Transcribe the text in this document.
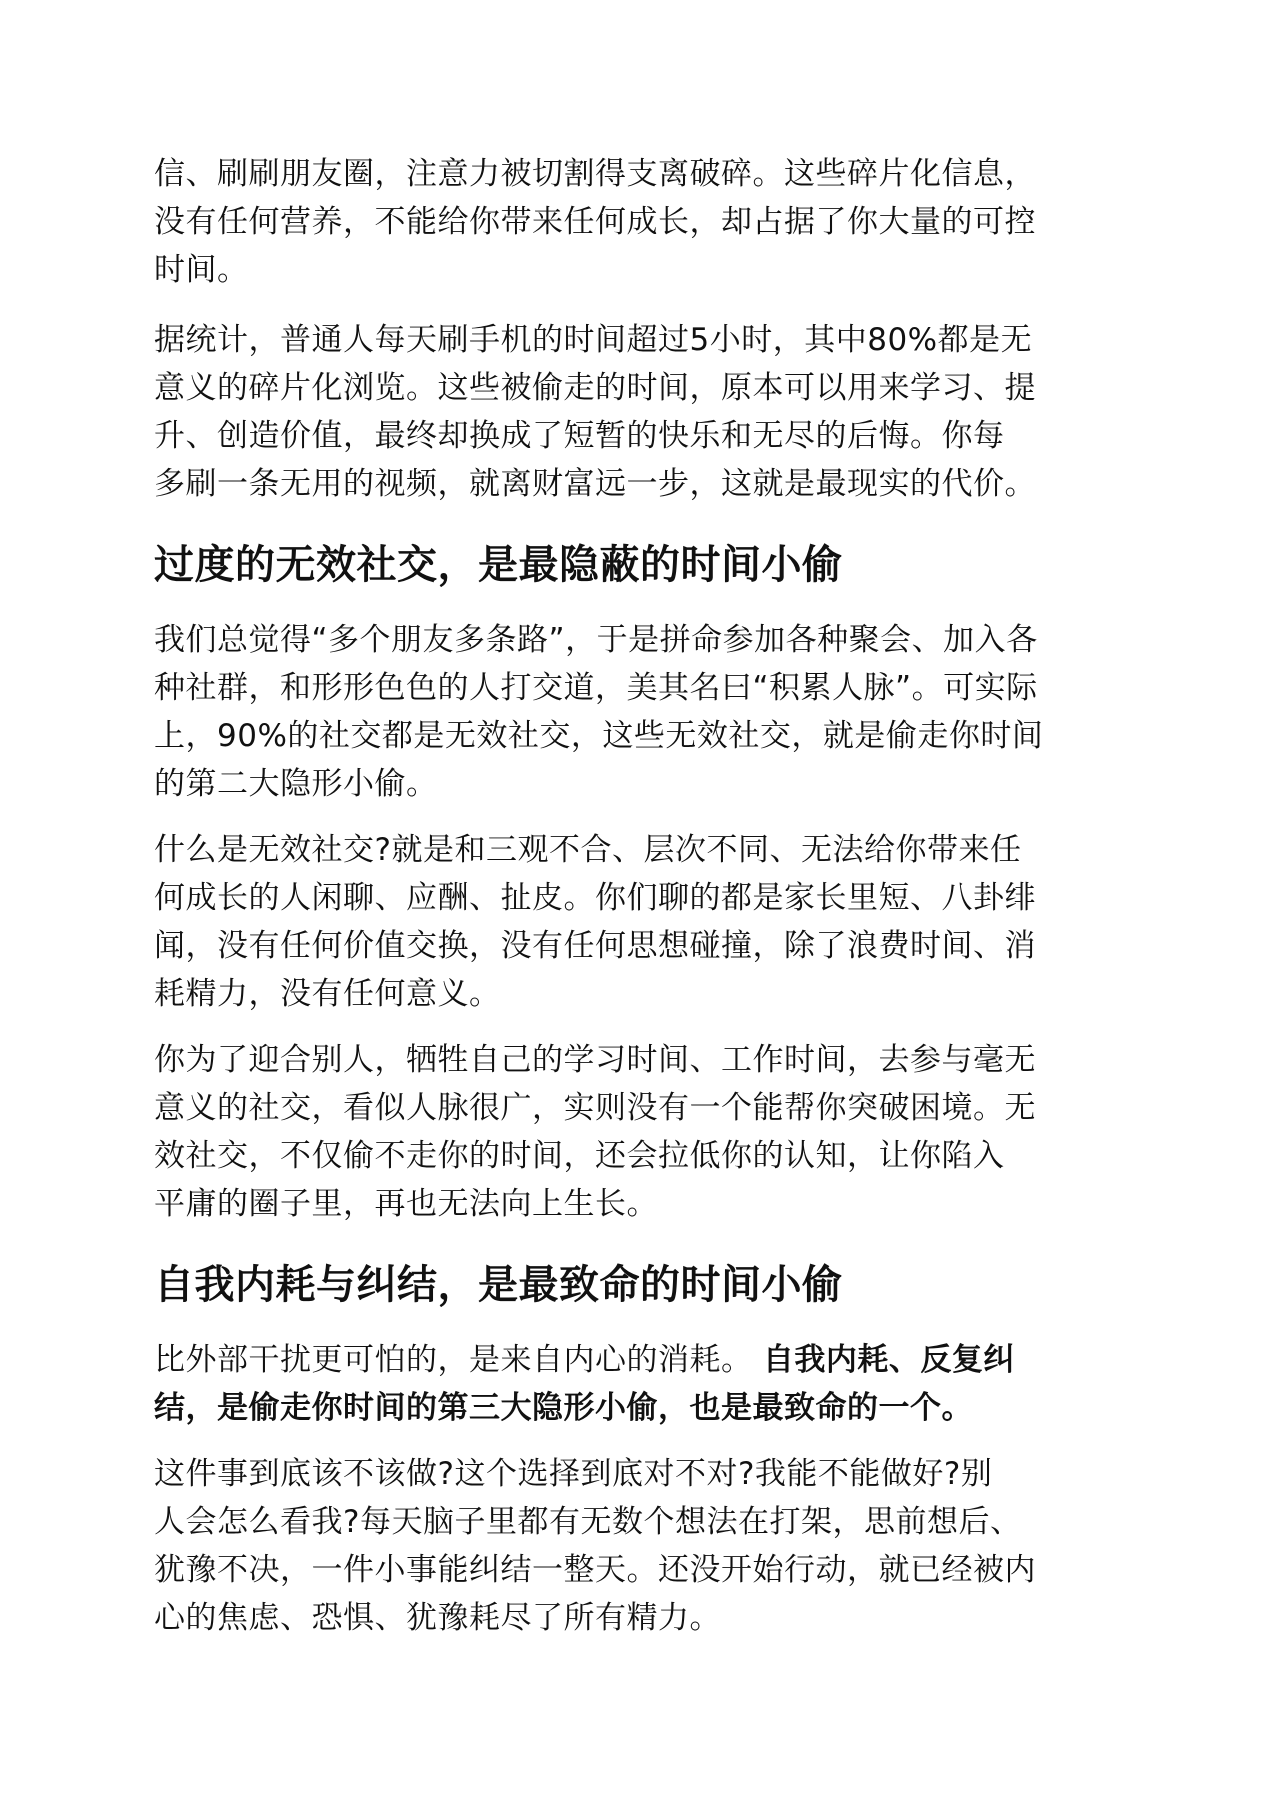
信、刷刷朋友圈，注意力被切割得支离破碎。这些碎片化信息，
没有任何营养，不能给你带来任何成长，却占据了你大量的可控
时间。

据统计，普通人每天刷手机的时间超过5小时，其中80%都是无
意义的碎片化浏览。这些被偷走的时间，原本可以用来学习、提
升、创造价值，最终却换成了短暂的快乐和无尽的后悔。你每
多刷一条无用的视频，就离财富远一步，这就是最现实的代价。

过度的无效社交，是最隐蔽的时间小偷

我们总觉得“多个朋友多条路”，于是拼命参加各种聚会、加入各
种社群，和形形色色的人打交道，美其名曰“积累人脉”。可实际
上，90%的社交都是无效社交，这些无效社交，就是偷走你时间
的第二大隐形小偷。

什么是无效社交?就是和三观不合、层次不同、无法给你带来任
何成长的人闲聊、应酬、扯皮。你们聊的都是家长里短、八卦绯
闻，没有任何价值交换，没有任何思想碰撞，除了浪费时间、消
耗精力，没有任何意义。

你为了迎合别人，牺牲自己的学习时间、工作时间，去参与毫无
意义的社交，看似人脉很广，实则没有一个能帮你突破困境。无
效社交，不仅偷不走你的时间，还会拉低你的认知，让你陷入
平庸的圈子里，再也无法向上生长。

自我内耗与纠结，是最致命的时间小偷

比外部干扰更可怕的，是来自内心的消耗。 自我内耗、反复纠
结，是偷走你时间的第三大隐形小偷，也是最致命的一个。

这件事到底该不该做?这个选择到底对不对?我能不能做好?别
人会怎么看我?每天脑子里都有无数个想法在打架，思前想后、
犹豫不决，一件小事能纠结一整天。还没开始行动，就已经被内
心的焦虑、恐惧、犹豫耗尽了所有精力。
